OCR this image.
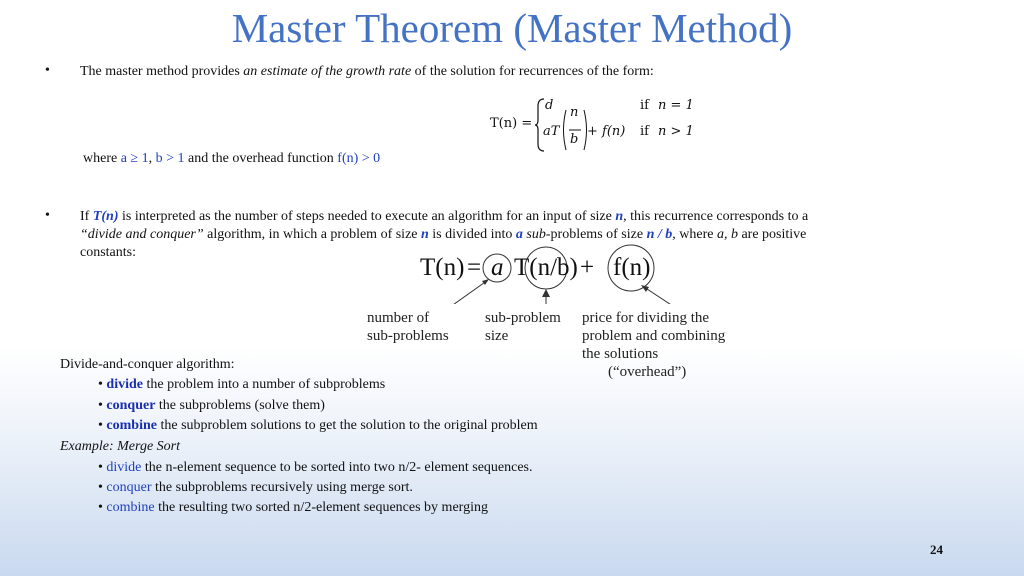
Master Theorem (Master Method)
• The master method provides an estimate of the growth rate of the solution for recurrences of the form:
T(n) =
d	if n = 1
aT
n
b
+ f(n) if n > 1
where a ≥ 1, b > 1 and the overhead function f(n) > 0
• If T(n) is interpreted as the number of steps needed to execute an algorithm for an input of size n, this recurrence corresponds to a
“divide and conquer” algorithm, in which a problem of size n is divided into a sub-problems of size n / b, where a, b are positive
constants:
T(n) = a T(n/b) + f(n)
number of
sub-problems
sub-problem
size
price for dividing the
problem and combining
the solutions
(“overhead”)
Divide-and-conquer algorithm:
• divide the problem into a number of subproblems
• conquer the subproblems (solve them)
• combine the subproblem solutions to get the solution to the original problem
Example: Merge Sort
• divide the n-element sequence to be sorted into two n/2- element sequences.
• conquer the subproblems recursively using merge sort.
• combine the resulting two sorted n/2-element sequences by merging
24
